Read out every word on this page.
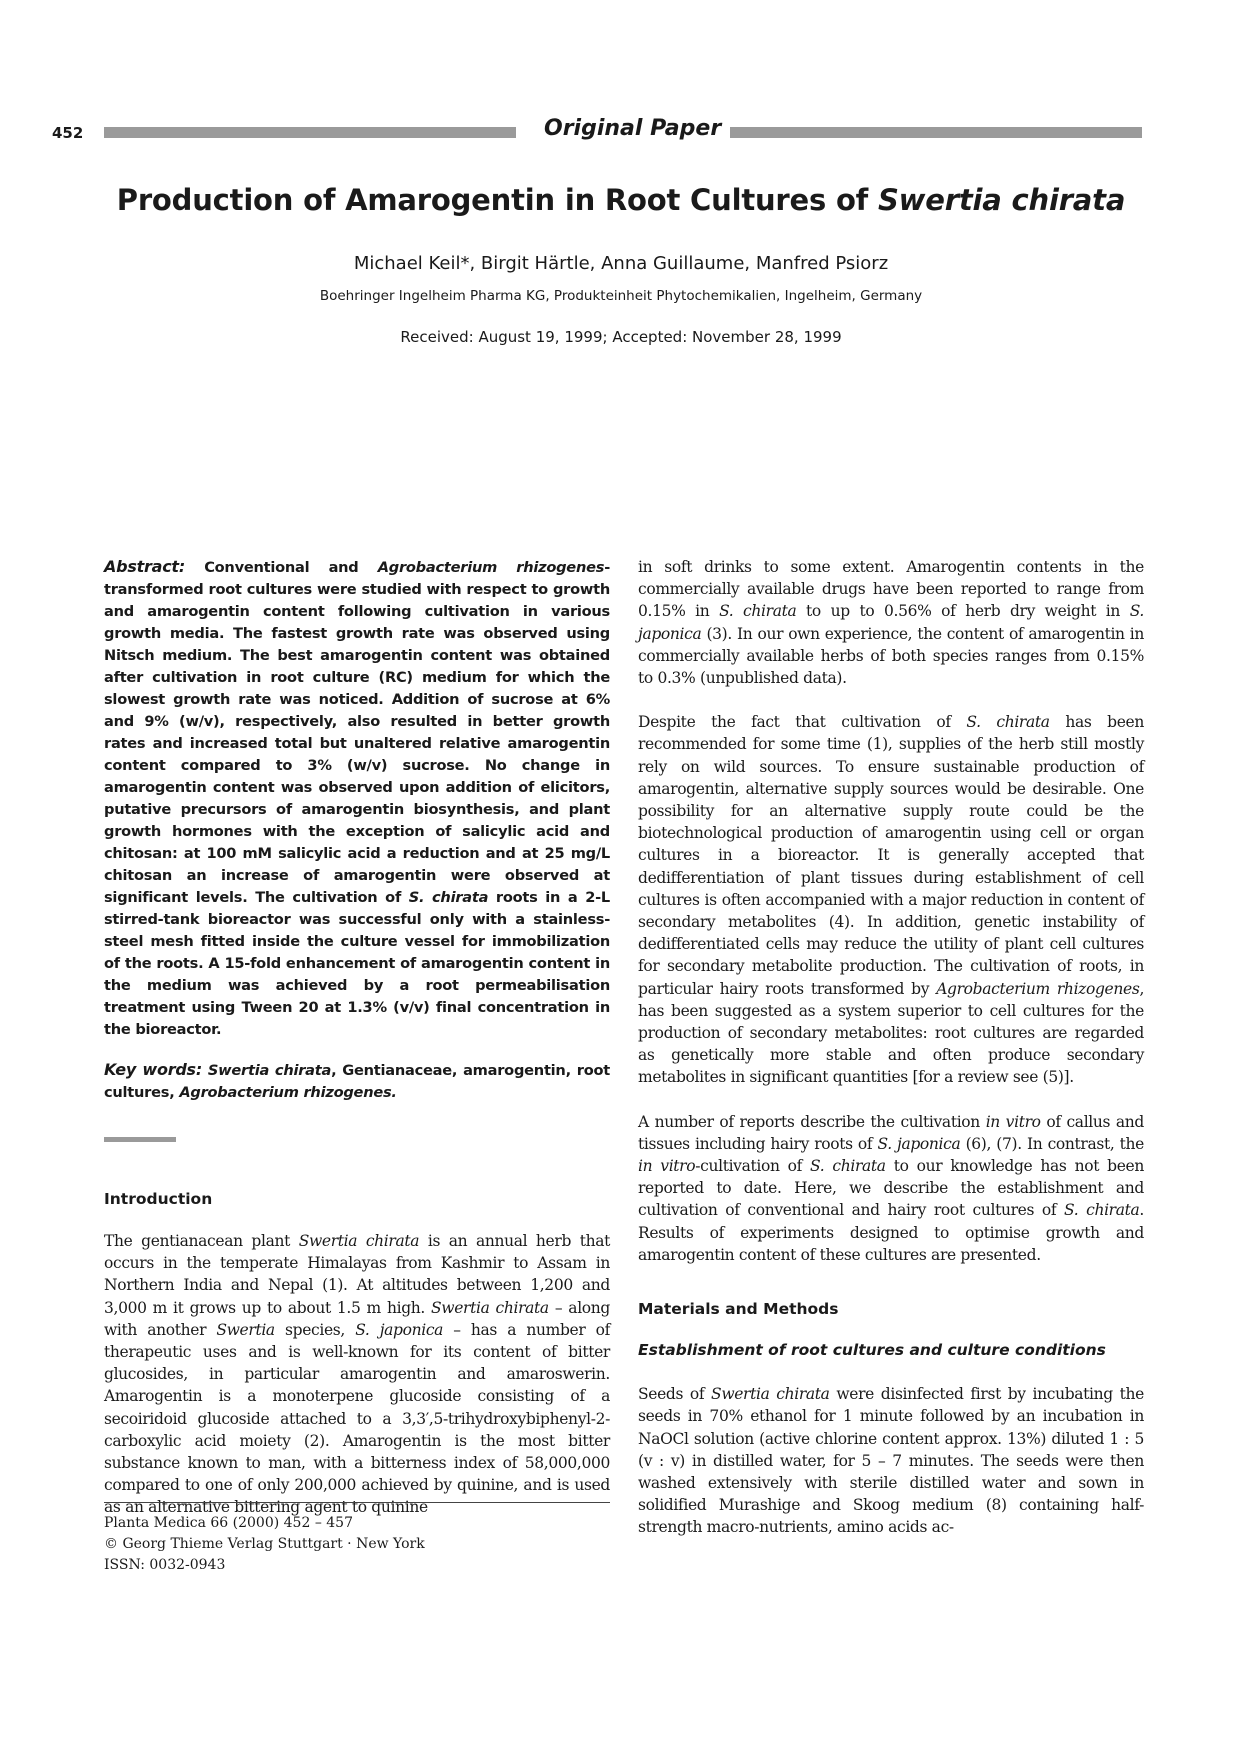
452	Original Paper
Production of Amarogentin in Root Cultures of Swertia chirata
Michael Keil*, Birgit Härtle, Anna Guillaume, Manfred Psiorz
Boehringer Ingelheim Pharma KG, Produkteinheit Phytochemikalien, Ingelheim, Germany
Received: August 19, 1999; Accepted: November 28, 1999

Abstract: Conventional and Agrobacterium rhizogenes-transformed root cultures were studied with respect to growth and amarogentin content following cultivation in various growth media. The fastest growth rate was observed using Nitsch medium. The best amarogentin content was obtained after cultivation in root culture (RC) medium for which the slowest growth rate was noticed. Addition of sucrose at 6% and 9% (w/v), respectively, also resulted in better growth rates and increased total but unaltered relative amarogentin content compared to 3% (w/v) sucrose. No change in amarogentin content was observed upon addition of elicitors, putative precursors of amarogentin biosynthesis, and plant growth hormones with the exception of salicylic acid and chitosan: at 100 mM salicylic acid a reduction and at 25 mg/L chitosan an increase of amarogentin were observed at significant levels. The cultivation of S. chirata roots in a 2-L stirred-tank bioreactor was successful only with a stainless-steel mesh fitted inside the culture vessel for immobilization of the roots. A 15-fold enhancement of amarogentin content in the medium was achieved by a root permeabilisation treatment using Tween 20 at 1.3% (v/v) final concentration in the bioreactor.

Key words: Swertia chirata, Gentianaceae, amarogentin, root cultures, Agrobacterium rhizogenes.

Introduction

The gentianacean plant Swertia chirata is an annual herb that occurs in the temperate Himalayas from Kashmir to Assam in Northern India and Nepal (1). At altitudes between 1,200 and 3,000 m it grows up to about 1.5 m high. Swertia chirata – along with another Swertia species, S. japonica – has a number of therapeutic uses and is well-known for its content of bitter glucosides, in particular amarogentin and amaroswerin. Amarogentin is a monoterpene glucoside consisting of a secoiridoid glucoside attached to a 3,3′,5-trihydroxybiphenyl-2-carboxylic acid moiety (2). Amarogentin is the most bitter substance known to man, with a bitterness index of 58,000,000 compared to one of only 200,000 achieved by quinine, and is used as an alternative bittering agent to quinine

Planta Medica 66 (2000) 452 – 457
© Georg Thieme Verlag Stuttgart · New York
ISSN: 0032-0943

in soft drinks to some extent. Amarogentin contents in the commercially available drugs have been reported to range from 0.15% in S. chirata to up to 0.56% of herb dry weight in S. japonica (3). In our own experience, the content of amarogentin in commercially available herbs of both species ranges from 0.15% to 0.3% (unpublished data).

Despite the fact that cultivation of S. chirata has been recommended for some time (1), supplies of the herb still mostly rely on wild sources. To ensure sustainable production of amarogentin, alternative supply sources would be desirable. One possibility for an alternative supply route could be the biotechnological production of amarogentin using cell or organ cultures in a bioreactor. It is generally accepted that dedifferentiation of plant tissues during establishment of cell cultures is often accompanied with a major reduction in content of secondary metabolites (4). In addition, genetic instability of dedifferentiated cells may reduce the utility of plant cell cultures for secondary metabolite production. The cultivation of roots, in particular hairy roots transformed by Agrobacterium rhizogenes, has been suggested as a system superior to cell cultures for the production of secondary metabolites: root cultures are regarded as genetically more stable and often produce secondary metabolites in significant quantities [for a review see (5)].

A number of reports describe the cultivation in vitro of callus and tissues including hairy roots of S. japonica (6), (7). In contrast, the in vitro-cultivation of S. chirata to our knowledge has not been reported to date. Here, we describe the establishment and cultivation of conventional and hairy root cultures of S. chirata. Results of experiments designed to optimise growth and amarogentin content of these cultures are presented.

Materials and Methods
Establishment of root cultures and culture conditions

Seeds of Swertia chirata were disinfected first by incubating the seeds in 70% ethanol for 1 minute followed by an incubation in NaOCl solution (active chlorine content approx. 13%) diluted 1 : 5 (v : v) in distilled water, for 5 – 7 minutes. The seeds were then washed extensively with sterile distilled water and sown in solidified Murashige and Skoog medium (8) containing half-strength macro-nutrients, amino acids ac-
